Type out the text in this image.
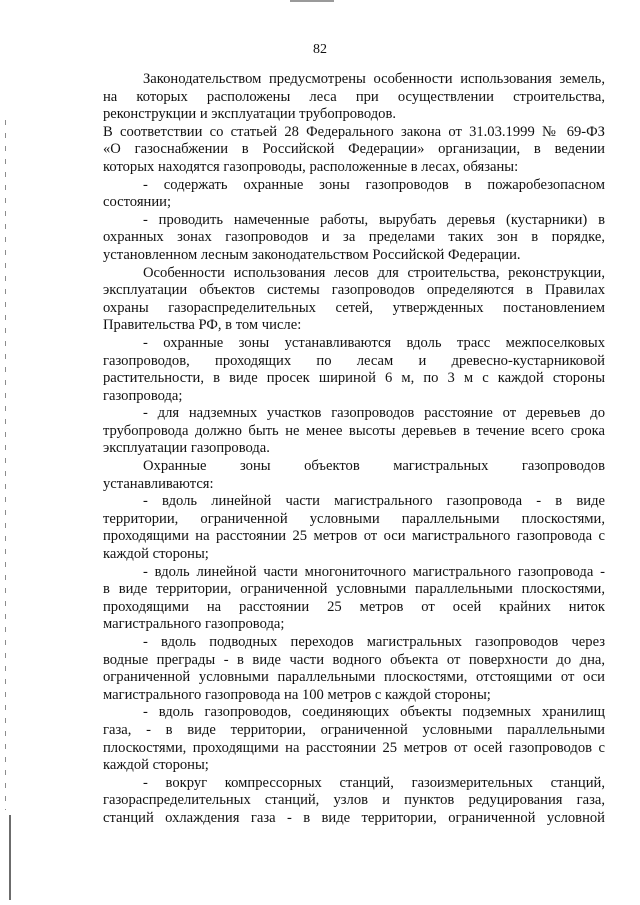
82
Законодательством предусмотрены особенности использования земель,
на которых расположены леса при осуществлении строительства,
реконструкции и эксплуатации трубопроводов.
В соответствии со статьей 28 Федерального закона от 31.03.1999 № 69-ФЗ
«О газоснабжении в Российской Федерации» организации, в ведении
которых находятся газопроводы, расположенные в лесах, обязаны:
- содержать охранные зоны газопроводов в пожаробезопасном
состоянии;
- проводить намеченные работы, вырубать деревья (кустарники) в
охранных зонах газопроводов и за пределами таких зон в порядке,
установленном лесным законодательством Российской Федерации.
Особенности использования лесов для строительства, реконструкции,
эксплуатации объектов системы газопроводов определяются в Правилах
охраны газораспределительных сетей, утвержденных постановлением
Правительства РФ, в том числе:
- охранные зоны устанавливаются вдоль трасс межпоселковых
газопроводов, проходящих по лесам и древесно-кустарниковой
растительности, в виде просек шириной 6 м, по 3 м с каждой стороны
газопровода;
- для надземных участков газопроводов расстояние от деревьев до
трубопровода должно быть не менее высоты деревьев в течение всего срока
эксплуатации газопровода.
Охранные зоны объектов магистральных газопроводов
устанавливаются:
- вдоль линейной части магистрального газопровода - в виде
территории, ограниченной условными параллельными плоскостями,
проходящими на расстоянии 25 метров от оси магистрального газопровода с
каждой стороны;
- вдоль линейной части многониточного магистрального газопровода -
в виде территории, ограниченной условными параллельными плоскостями,
проходящими на расстоянии 25 метров от осей крайних ниток
магистрального газопровода;
- вдоль подводных переходов магистральных газопроводов через
водные преграды - в виде части водного объекта от поверхности до дна,
ограниченной условными параллельными плоскостями, отстоящими от оси
магистрального газопровода на 100 метров с каждой стороны;
- вдоль газопроводов, соединяющих объекты подземных хранилищ
газа, - в виде территории, ограниченной условными параллельными
плоскостями, проходящими на расстоянии 25 метров от осей газопроводов с
каждой стороны;
- вокруг компрессорных станций, газоизмерительных станций,
газораспределительных станций, узлов и пунктов редуцирования газа,
станций охлаждения газа - в виде территории, ограниченной условной
